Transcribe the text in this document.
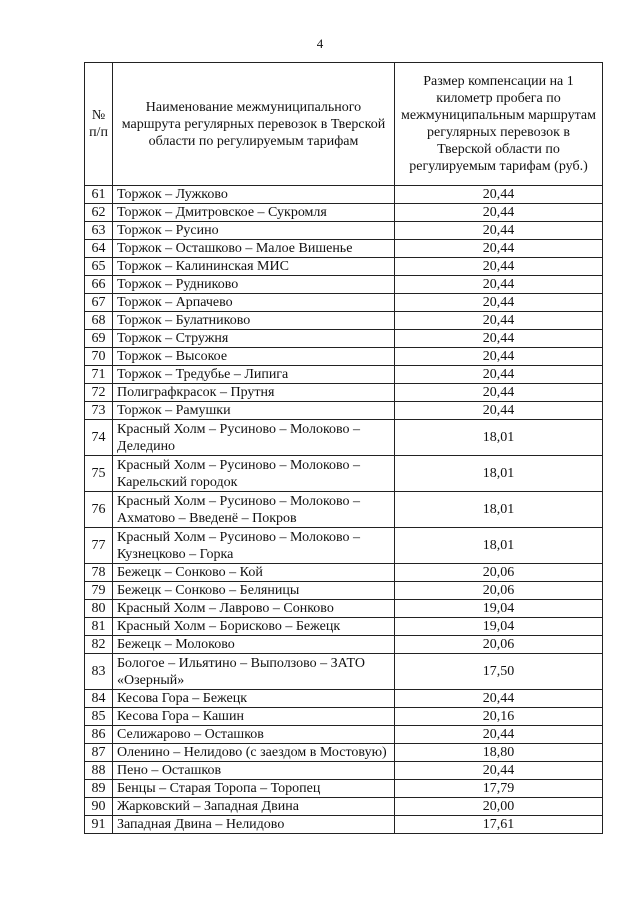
4
№ п/п	Наименование межмуниципального маршрута регулярных перевозок в Тверской области по регулируемым тарифам	Размер компенсации на 1 километр пробега по межмуниципальным маршрутам регулярных перевозок в Тверской области по регулируемым тарифам (руб.)
61	Торжок – Лужково	20,44
62	Торжок – Дмитровское – Сукромля	20,44
63	Торжок – Русино	20,44
64	Торжок – Осташково – Малое Вишенье	20,44
65	Торжок – Калининская МИС	20,44
66	Торжок – Рудниково	20,44
67	Торжок – Арпачево	20,44
68	Торжок – Булатниково	20,44
69	Торжок – Стружня	20,44
70	Торжок – Высокое	20,44
71	Торжок – Тредубье – Липига	20,44
72	Полиграфкрасок – Прутня	20,44
73	Торжок – Рамушки	20,44
74	Красный Холм – Русиново – Молоково – Деледино	18,01
75	Красный Холм – Русиново – Молоково – Карельский городок	18,01
76	Красный Холм – Русиново – Молоково – Ахматово – Введенё – Покров	18,01
77	Красный Холм – Русиново – Молоково – Кузнецково – Горка	18,01
78	Бежецк – Сонково – Кой	20,06
79	Бежецк – Сонково – Беляницы	20,06
80	Красный Холм – Лаврово – Сонково	19,04
81	Красный Холм – Борисково – Бежецк	19,04
82	Бежецк – Молоково	20,06
83	Бологое – Ильятино – Выползово – ЗАТО «Озерный»	17,50
84	Кесова Гора – Бежецк	20,44
85	Кесова Гора – Кашин	20,16
86	Селижарово – Осташков	20,44
87	Оленино – Нелидово (с заездом в Мостовую)	18,80
88	Пено – Осташков	20,44
89	Бенцы – Старая Торопа – Торопец	17,79
90	Жарковский – Западная Двина	20,00
91	Западная Двина – Нелидово	17,61
